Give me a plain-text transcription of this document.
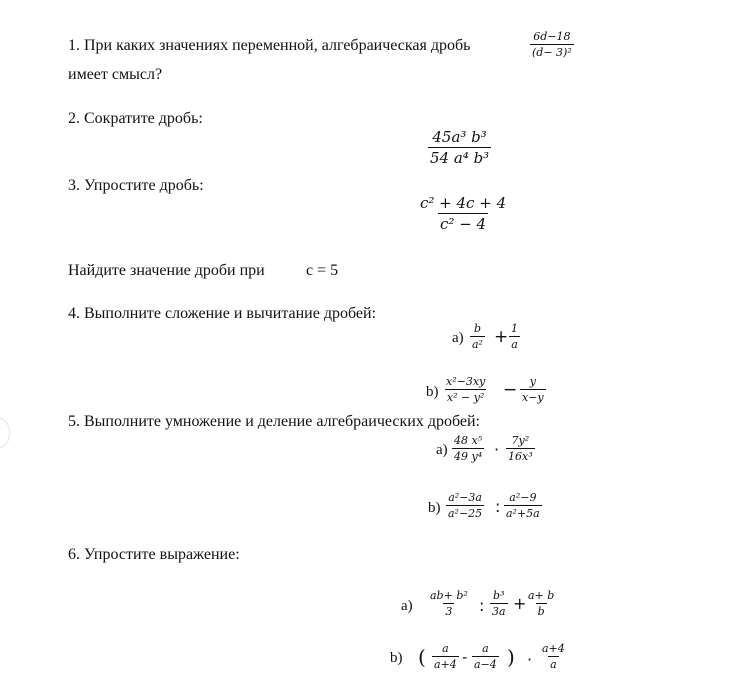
1. При каких значениях переменной, алгебраическая дробь	$\frac{6d-18}{\text{(d− 3)²}}$
имеет смысл?
2. Сократите дробь:
$\frac{\text{45a³ b³}}{\text{54 a⁴ b³}}$
3. Упростите дробь:
$\frac{\text{c² + 4c + 4}}{\text{c² − 4}}$
Найдите значение дроби при	c = 5
4. Выполните сложение и вычитание дробей:
$a) \frac{b}{\text{a²}} + \frac{1}{a}$
$b) \frac{\text{x²−3xy}}{\text{x² − y²}} - \frac{y}{x-y}$
5. Выполните умножение и деление алгебраических дробей:
$a) \frac{\text{48 x⁵}}{\text{49 y⁴}} \cdot \frac{\text{7y²}}{\text{16x³}}$
$b) \frac{\text{a²−3a}}{\text{a²−25}}$ : $\frac{\text{a²−9}}{\text{a²+5a}}$
6. Упростите выражение:
$a) \frac{\text{ab+ b²}}{3}$ : $\frac{\text{b³}}{3a} + \frac{a+ b}{b}$
b) ( $\frac{a}{a+4} - \frac{a}{a-4}$ ) · $\frac{a+4}{a}$
